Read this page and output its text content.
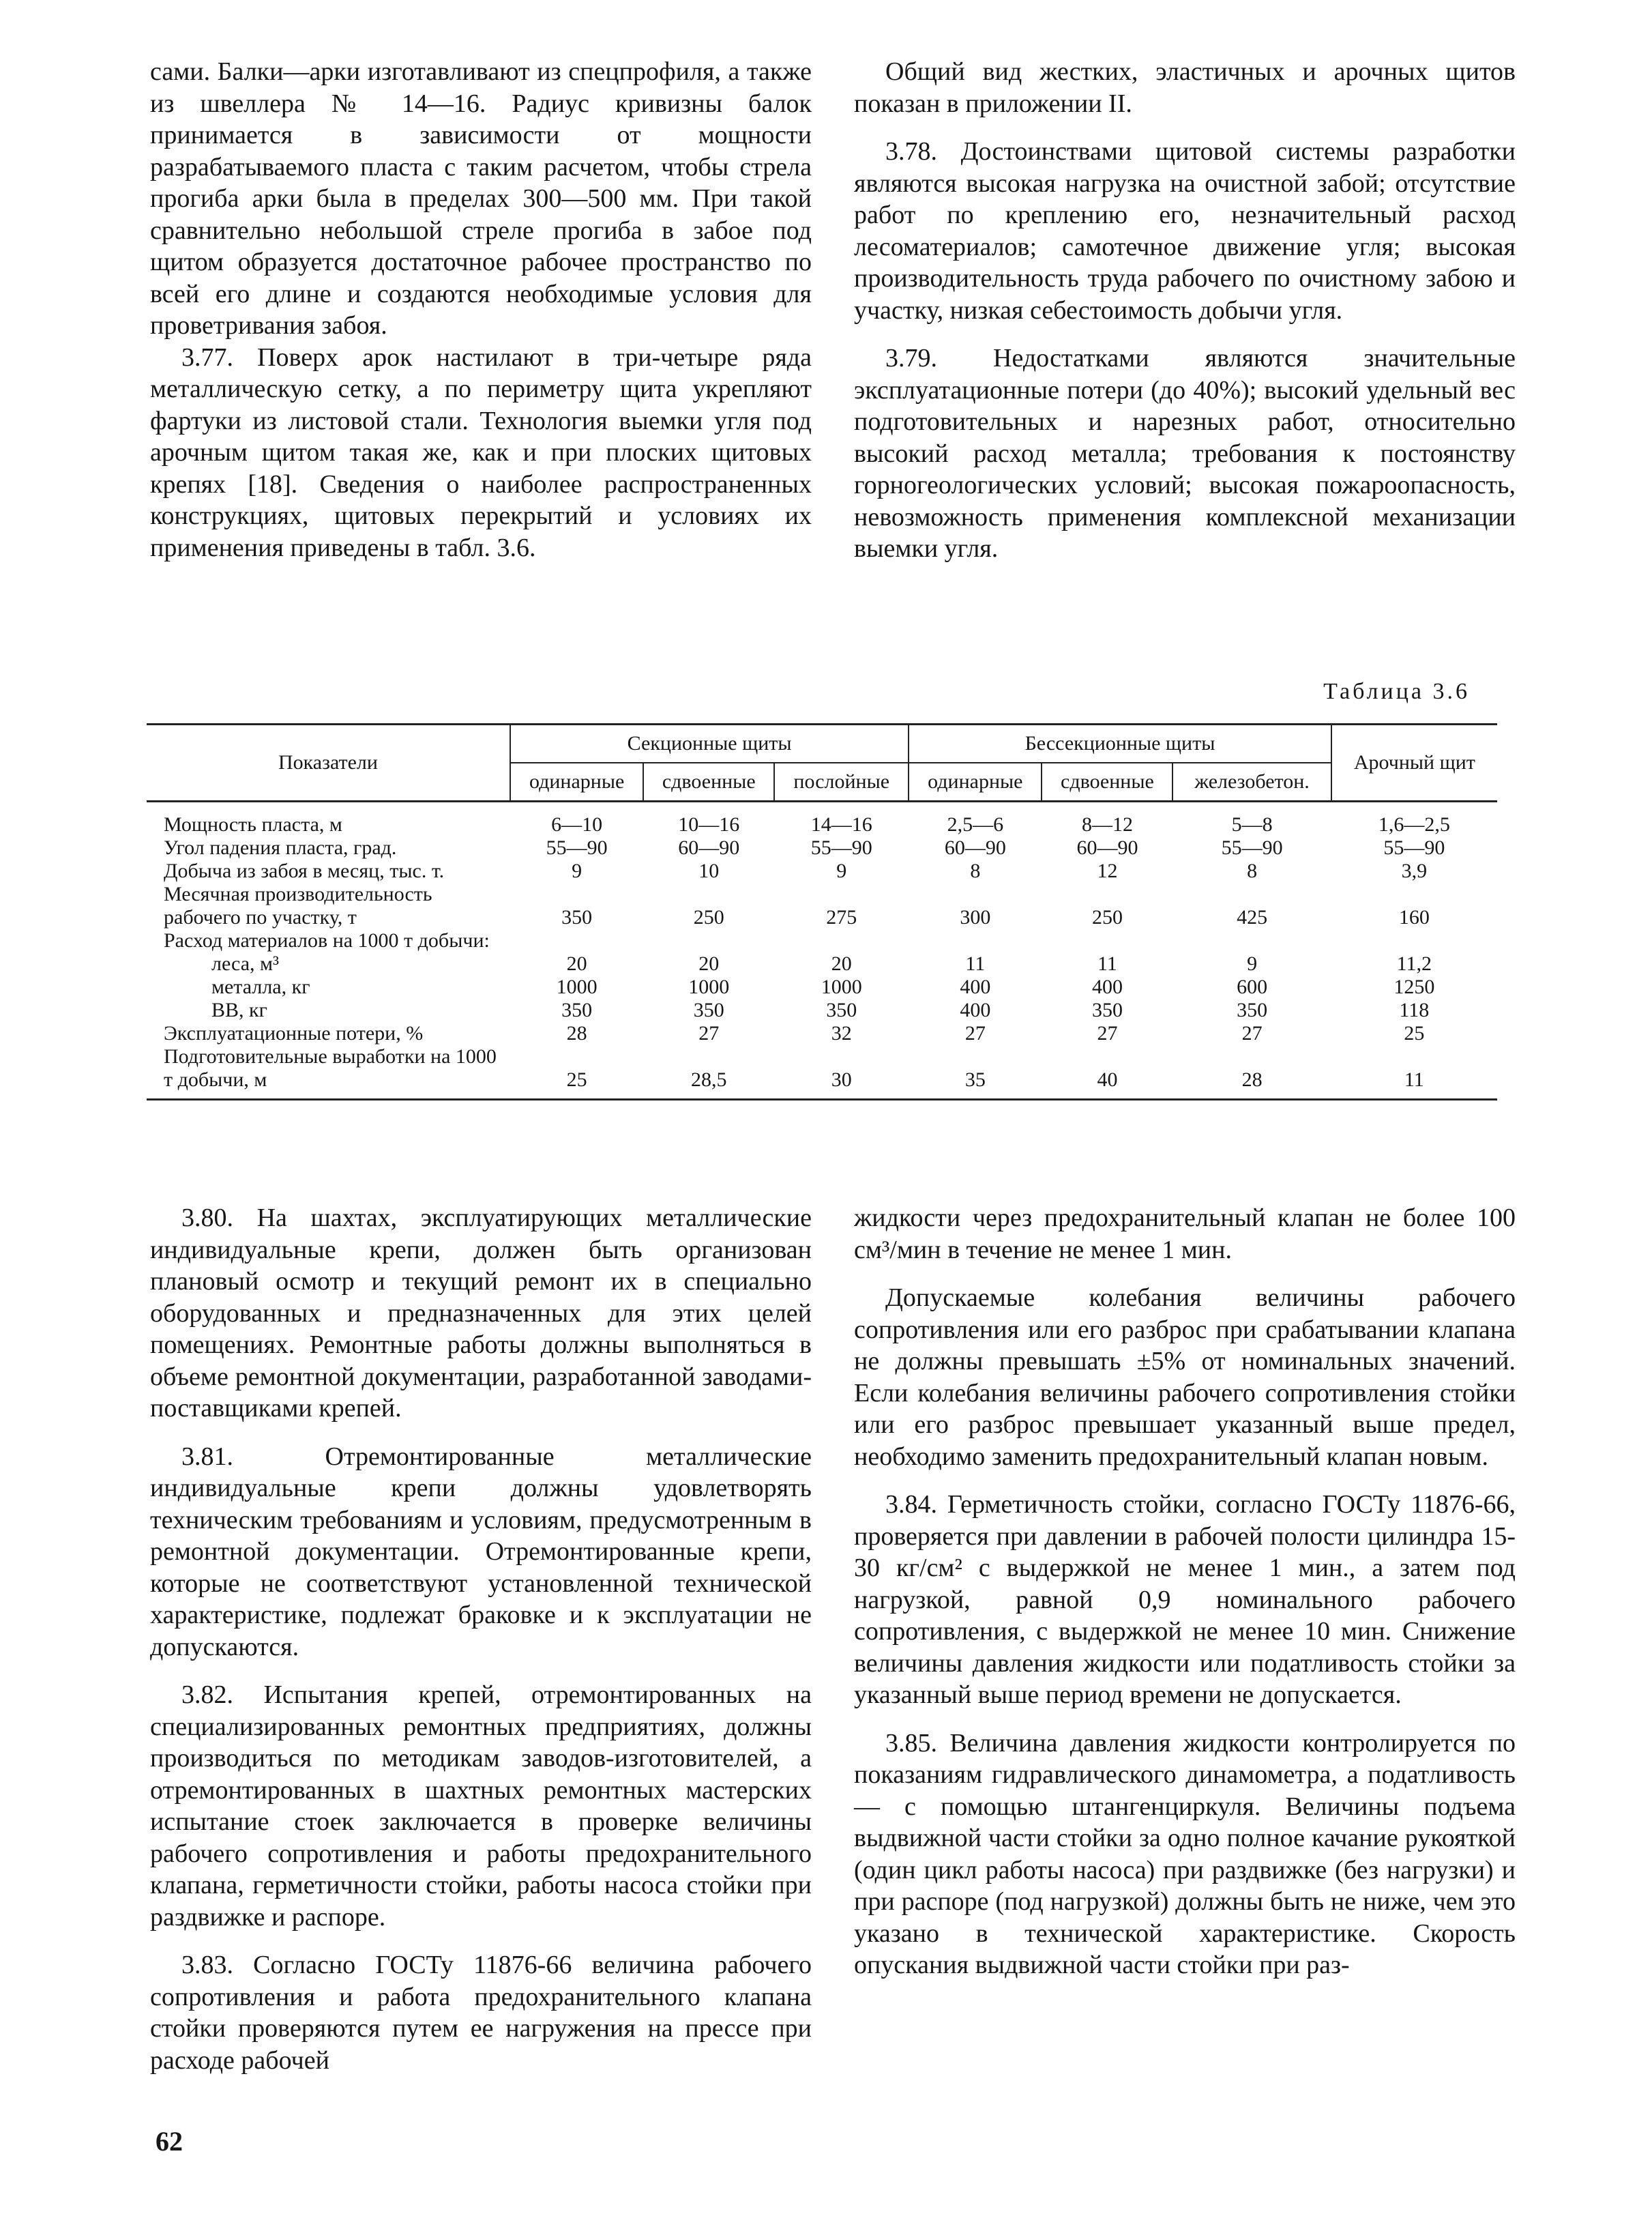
сами. Балки—арки изготавливают из спецпрофиля, а также из швеллера № 14—16. Радиус кривизны балок принимается в зависимости от мощности разрабатываемого пласта с таким расчетом, чтобы стрела прогиба арки была в пределах 300—500 мм. При такой сравнительно небольшой стреле прогиба в забое под щитом образуется достаточное рабочее пространство по всей его длине и создаются необходимые условия для проветривания забоя.

3.77. Поверх арок настилают в три-четыре ряда металлическую сетку, а по периметру щита укрепляют фартуки из листовой стали. Технология выемки угля под арочным щитом такая же, как и при плоских щитовых крепях [18]. Сведения о наиболее распространенных конструкциях, щитовых перекрытий и условиях их применения приведены в табл. 3.6.

Общий вид жестких, эластичных и арочных щитов показан в приложении II.

3.78. Достоинствами щитовой системы разработки являются высокая нагрузка на очистной забой; отсутствие работ по креплению его, незначительный расход лесоматериалов; самотечное движение угля; высокая производительность труда рабочего по очистному забою и участку, низкая себестоимость добычи угля.

3.79. Недостатками являются значительные эксплуатационные потери (до 40%); высокий удельный вес подготовительных и нарезных работ, относительно высокий расход металла; требования к постоянству горногеологических условий; высокая пожароопасность, невозможность применения комплексной механизации выемки угля.

Таблица 3.6
Показатели	Секционные щиты			Бессекционные щиты			Арочный щит
	одинарные	сдвоенные	послойные	одинарные	сдвоенные	железобетон.	

Мощность пласта, м	6—10	10—16	14—16	2,5—6	8—12	5—8	1,6—2,5
Угол падения пласта, град.	55—90	60—90	55—90	60—90	60—90	55—90	55—90
Добыча из забоя в месяц, тыс. т.	9	10	9	8	12	8	3,9
Месячная производительность рабочего по участку, т	350	250	275	300	250	425	160
Расход материалов на 1000 т добычи:							
леса, м³	20	20	20	11	11	9	11,2
металла, кг	1000	1000	1000	400	400	600	1250
ВВ, кг	350	350	350	400	350	350	118
Эксплуатационные потери, %	28	27	32	27	27	27	25
Подготовительные выработки на 1000 т добычи, м	25	28,5	30	35	40	28	11

3.80. На шахтах, эксплуатирующих металлические индивидуальные крепи, должен быть организован плановый осмотр и текущий ремонт их в специально оборудованных и предназначенных для этих целей помещениях. Ремонтные работы должны выполняться в объеме ремонтной документации, разработанной заводами-поставщиками крепей.

3.81. Отремонтированные металлические индивидуальные крепи должны удовлетворять техническим требованиям и условиям, предусмотренным в ремонтной документации. Отремонтированные крепи, которые не соответствуют установленной технической характеристике, подлежат браковке и к эксплуатации не допускаются.

3.82. Испытания крепей, отремонтированных на специализированных ремонтных предприятиях, должны производиться по методикам заводов-изготовителей, а отремонтированных в шахтных ремонтных мастерских испытание стоек заключается в проверке величины рабочего сопротивления и работы предохранительного клапана, герметичности стойки, работы насоса стойки при раздвижке и распоре.

3.83. Согласно ГОСТу 11876-66 величина рабочего сопротивления и работа предохранительного клапана стойки проверяются путем ее нагружения на прессе при расходе рабочей

жидкости через предохранительный клапан не более 100 см³/мин в течение не менее 1 мин.

Допускаемые колебания величины рабочего сопротивления или его разброс при срабатывании клапана не должны превышать ±5% от номинальных значений. Если колебания величины рабочего сопротивления стойки или его разброс превышает указанный выше предел, необходимо заменить предохранительный клапан новым.

3.84. Герметичность стойки, согласно ГОСТу 11876-66, проверяется при давлении в рабочей полости цилиндра 15-30 кг/см² с выдержкой не менее 1 мин., а затем под нагрузкой, равной 0,9 номинального рабочего сопротивления, с выдержкой не менее 10 мин. Снижение величины давления жидкости или податливость стойки за указанный выше период времени не допускается.

3.85. Величина давления жидкости контролируется по показаниям гидравлического динамометра, а податливость — с помощью штангенциркуля. Величины подъема выдвижной части стойки за одно полное качание рукояткой (один цикл работы насоса) при раздвижке (без нагрузки) и при распоре (под нагрузкой) должны быть не ниже, чем это указано в технической характеристике. Скорость опускания выдвижной части стойки при раз-

62
